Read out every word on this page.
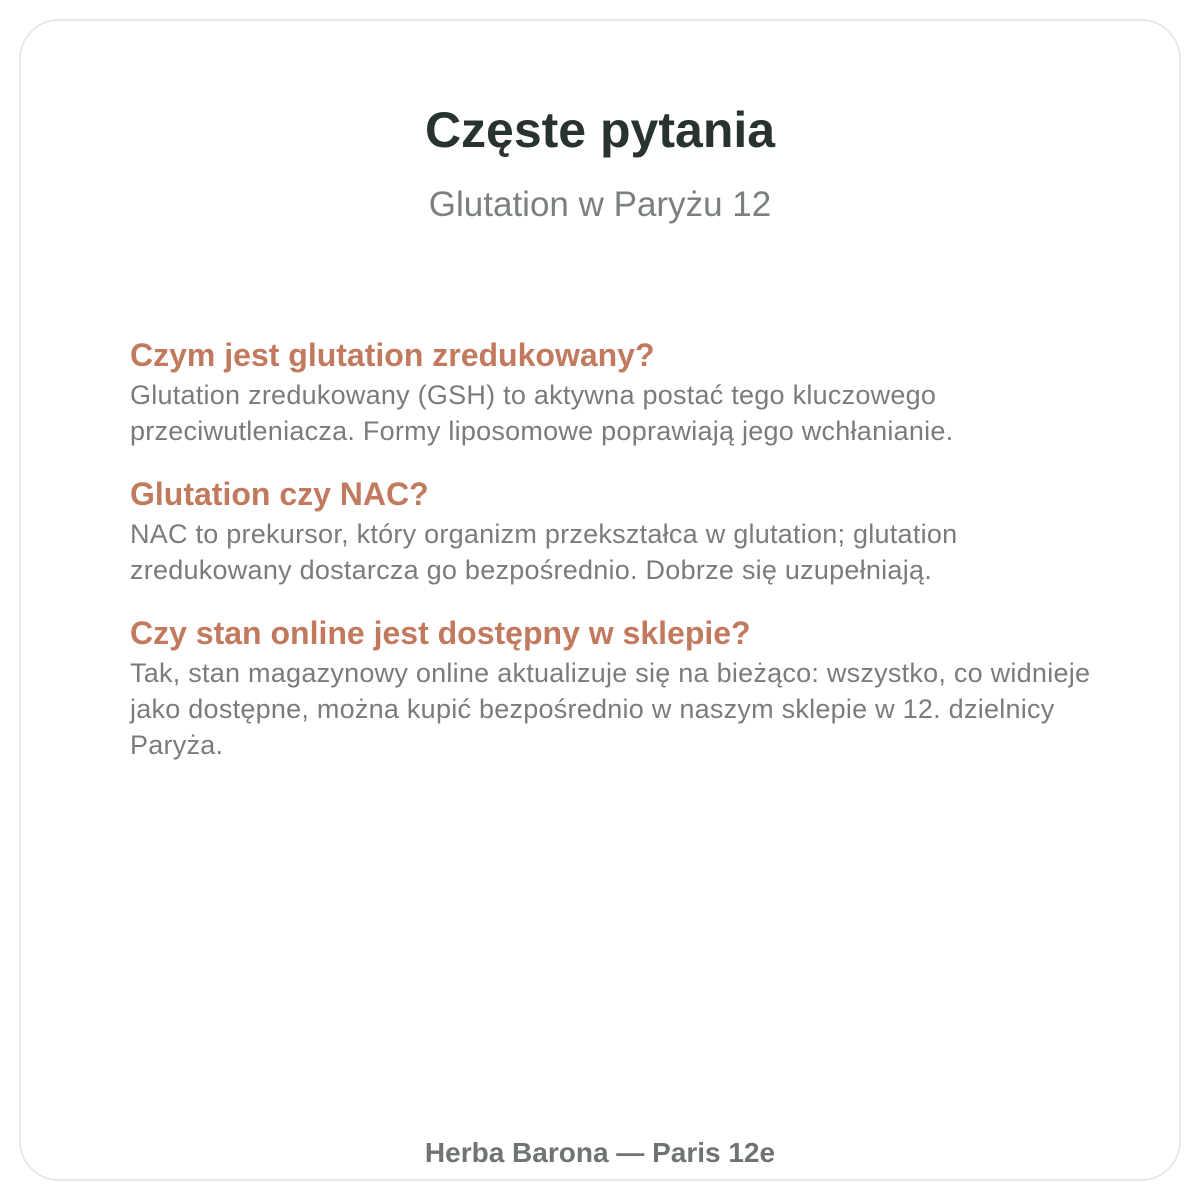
Częste pytania

Glutation w Paryżu 12

Czym jest glutation zredukowany?

Glutation zredukowany (GSH) to aktywna postać tego kluczowego przeciwutleniacza. Formy liposomowe poprawiają jego wchłanianie.

Glutation czy NAC?

NAC to prekursor, który organizm przekształca w glutation; glutation zredukowany dostarcza go bezpośrednio. Dobrze się uzupełniają.

Czy stan online jest dostępny w sklepie?

Tak, stan magazynowy online aktualizuje się na bieżąco: wszystko, co widnieje jako dostępne, można kupić bezpośrednio w naszym sklepie w 12. dzielnicy Paryża.

Herba Barona — Paris 12e
